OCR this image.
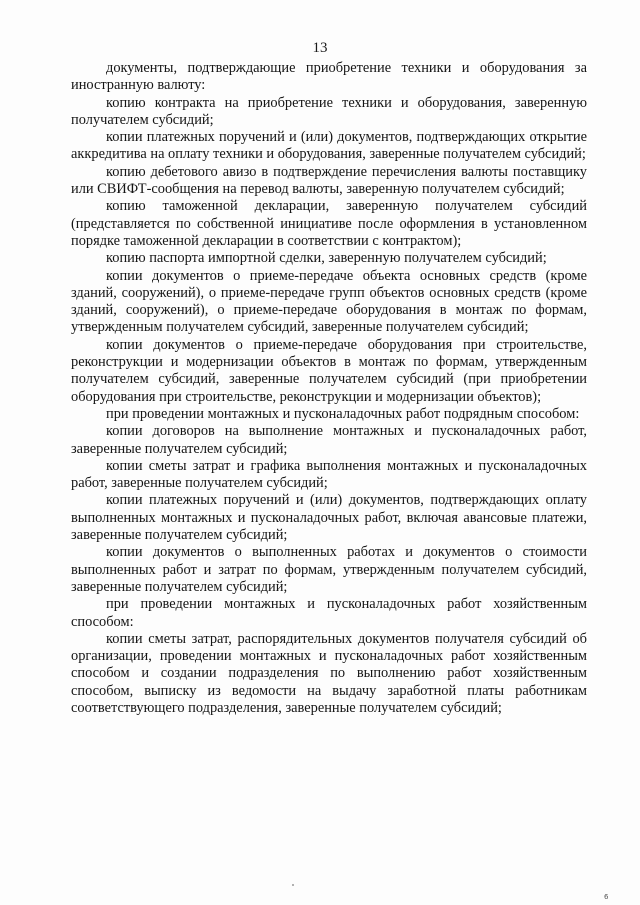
13

документы, подтверждающие приобретение техники и оборудования за иностранную валюту:

копию контракта на приобретение техники и оборудования, заверенную получателем субсидий;

копии платежных поручений и (или) документов, подтверждающих открытие аккредитива на оплату техники и оборудования, заверенные получателем субсидий;

копию дебетового авизо в подтверждение перечисления валюты поставщику или СВИФТ-сообщения на перевод валюты, заверенную получателем субсидий;

копию таможенной декларации, заверенную получателем субсидий (представляется по собственной инициативе после оформления в установленном порядке таможенной декларации в соответствии с контрактом);

копию паспорта импортной сделки, заверенную получателем субсидий;

копии документов о приеме-передаче объекта основных средств (кроме зданий, сооружений), о приеме-передаче групп объектов основных средств (кроме зданий, сооружений), о приеме-передаче оборудования в монтаж по формам, утвержденным получателем субсидий, заверенные получателем субсидий;

копии документов о приеме-передаче оборудования при строительстве, реконструкции и модернизации объектов в монтаж по формам, утвержденным получателем субсидий, заверенные получателем субсидий (при приобретении оборудования при строительстве, реконструкции и модернизации объектов);

при проведении монтажных и пусконаладочных работ подрядным способом:

копии договоров на выполнение монтажных и пусконаладочных работ, заверенные получателем субсидий;

копии сметы затрат и графика выполнения монтажных и пусконаладочных работ, заверенные получателем субсидий;

копии платежных поручений и (или) документов, подтверждающих оплату выполненных монтажных и пусконаладочных работ, включая авансовые платежи, заверенные получателем субсидий;

копии документов о выполненных работах и документов о стоимости выполненных работ и затрат по формам, утвержденным получателем субсидий, заверенные получателем субсидий;

при проведении монтажных и пусконаладочных работ хозяйственным способом:

копии сметы затрат, распорядительных документов получателя субсидий об организации, проведении монтажных и пусконаладочных работ хозяйственным способом и создании подразделения по выполнению работ хозяйственным способом, выписку из ведомости на выдачу заработной платы работникам соответствующего подразделения, заверенные получателем субсидий;

6
